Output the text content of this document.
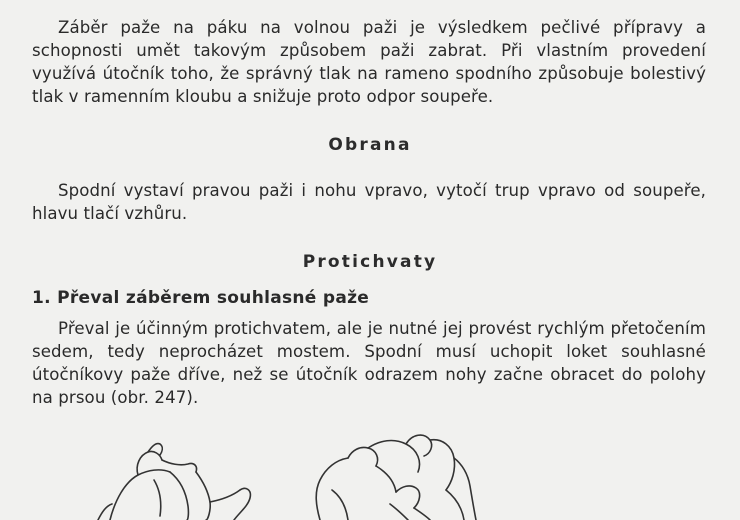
Záběr paže na páku na volnou paži je výsledkem pečlivé přípravy a schopnosti umět takovým způsobem paži zabrat. Při vlastním provedení využívá útočník toho, že správný tlak na rameno spodního způsobuje bolestivý tlak v ramenním kloubu a snižuje proto odpor soupeře.

Obrana

Spodní vystaví pravou paži i nohu vpravo, vytočí trup vpravo od soupeře, hlavu tlačí vzhůru.

Protichvaty
1. Převal záběrem souhlasné paže

Převal je účinným protichvatem, ale je nutné jej provést rychlým přetočením sedem, tedy neprocházet mostem. Spodní musí uchopit loket souhlasné útočníkovy paže dříve, než se útočník odrazem nohy začne obracet do polohy na prsou (obr. 247).
